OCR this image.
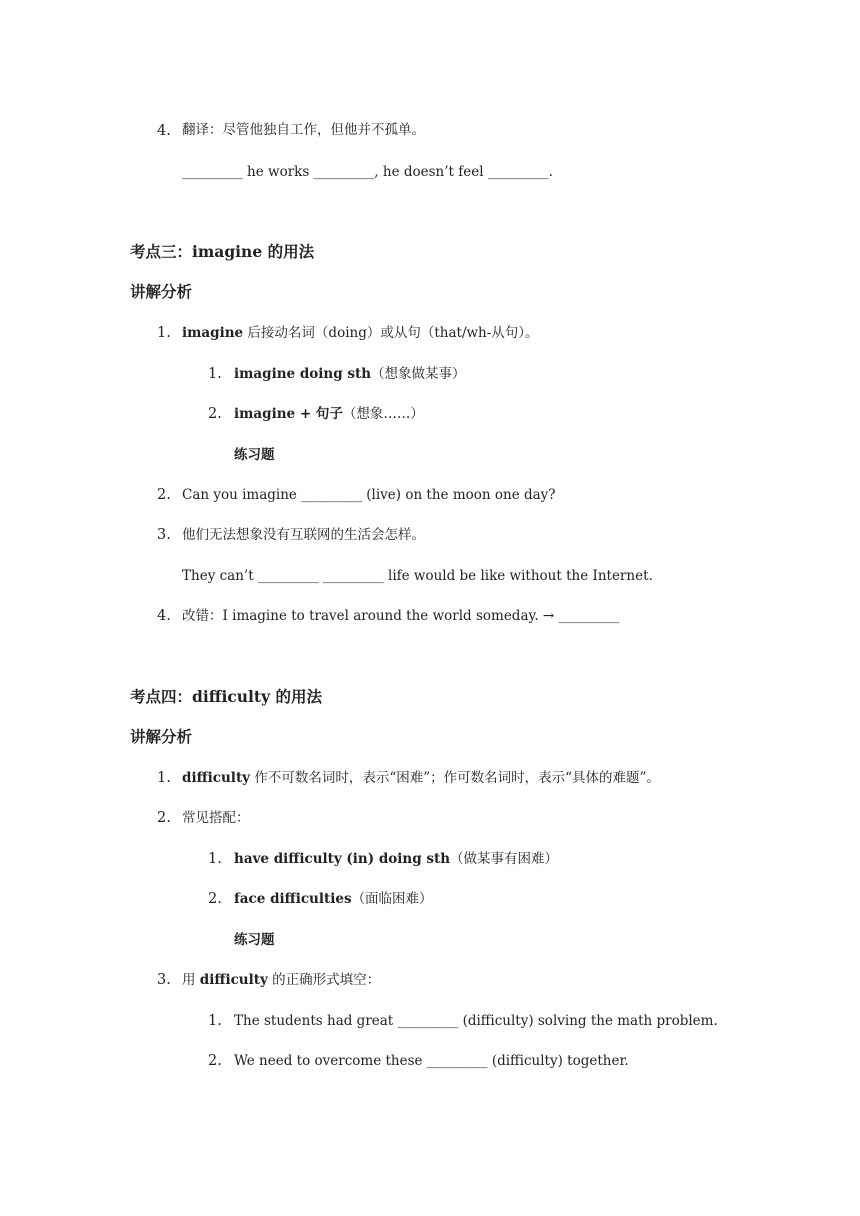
4. 翻译：尽管他独自工作，但他并不孤单。
_________ he works _________, he doesn’t feel _________.
考点三：imagine 的用法
讲解分析
1. imagine 后接动名词（doing）或从句（that/wh-从句）。
1. imagine doing sth（想象做某事）
2. imagine + 句子（想象……）
练习题
2. Can you imagine _________ (live) on the moon one day?
3. 他们无法想象没有互联网的生活会怎样。
They can’t _________ _________ life would be like without the Internet.
4. 改错：I imagine to travel around the world someday. → _________
考点四：difficulty 的用法
讲解分析
1. difficulty 作不可数名词时，表示“困难”；作可数名词时，表示“具体的难题”。
2. 常见搭配：
1. have difficulty (in) doing sth（做某事有困难）
2. face difficulties（面临困难）
练习题
3. 用 difficulty 的正确形式填空：
1. The students had great _________ (difficulty) solving the math problem.
2. We need to overcome these _________ (difficulty) together.
